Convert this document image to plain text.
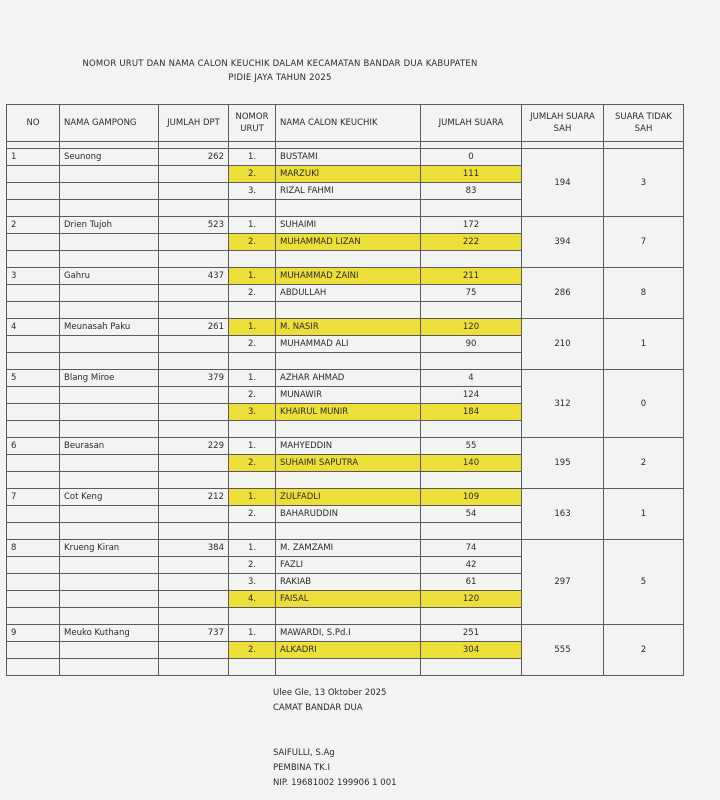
NOMOR URUT DAN NAMA CALON KEUCHIK DALAM KECAMATAN BANDAR DUA KABUPATEN
PIDIE JAYA TAHUN 2025
NO	NAMA GAMPONG	JUMLAH DPT	NOMOR URUT	NAMA CALON KEUCHIK	JUMLAH SUARA	JUMLAH SUARA SAH	SUARA TIDAK SAH

1	Seunong	262	1.	BUSTAMI	0	194	3
			2.	MARZUKI	111		
			3.	RIZAL FAHMI	83		

2	Drien Tujoh	523	1.	SUHAIMI	172	394	7
			2.	MUHAMMAD LIZAN	222		

3	Gahru	437	1.	MUHAMMAD ZAINI	211	286	8
			2.	ABDULLAH	75		

4	Meunasah Paku	261	1.	M. NASIR	120	210	1
			2.	MUHAMMAD ALI	90		

5	Blang Miroe	379	1.	AZHAR AHMAD	4	312	0
			2.	MUNAWIR	124		
			3.	KHAIRUL MUNIR	184		

6	Beurasan	229	1.	MAHYEDDIN	55	195	2
			2.	SUHAIMI SAPUTRA	140		

7	Cot Keng	212	1.	ZULFADLI	109	163	1
			2.	BAHARUDDIN	54		

8	Krueng Kiran	384	1.	M. ZAMZAMI	74	297	5
			2.	FAZLI	42		
			3.	RAKIAB	61		
			4.	FAISAL	120		

9	Meuko Kuthang	737	1.	MAWARDI, S.Pd.I	251	555	2
			2.	ALKADRI	304		

Ulee Gle, 13 Oktober 2025
CAMAT BANDAR DUA
SAIFULLI, S.Ag
PEMBINA TK.I
NIP. 19681002 199906 1 001
